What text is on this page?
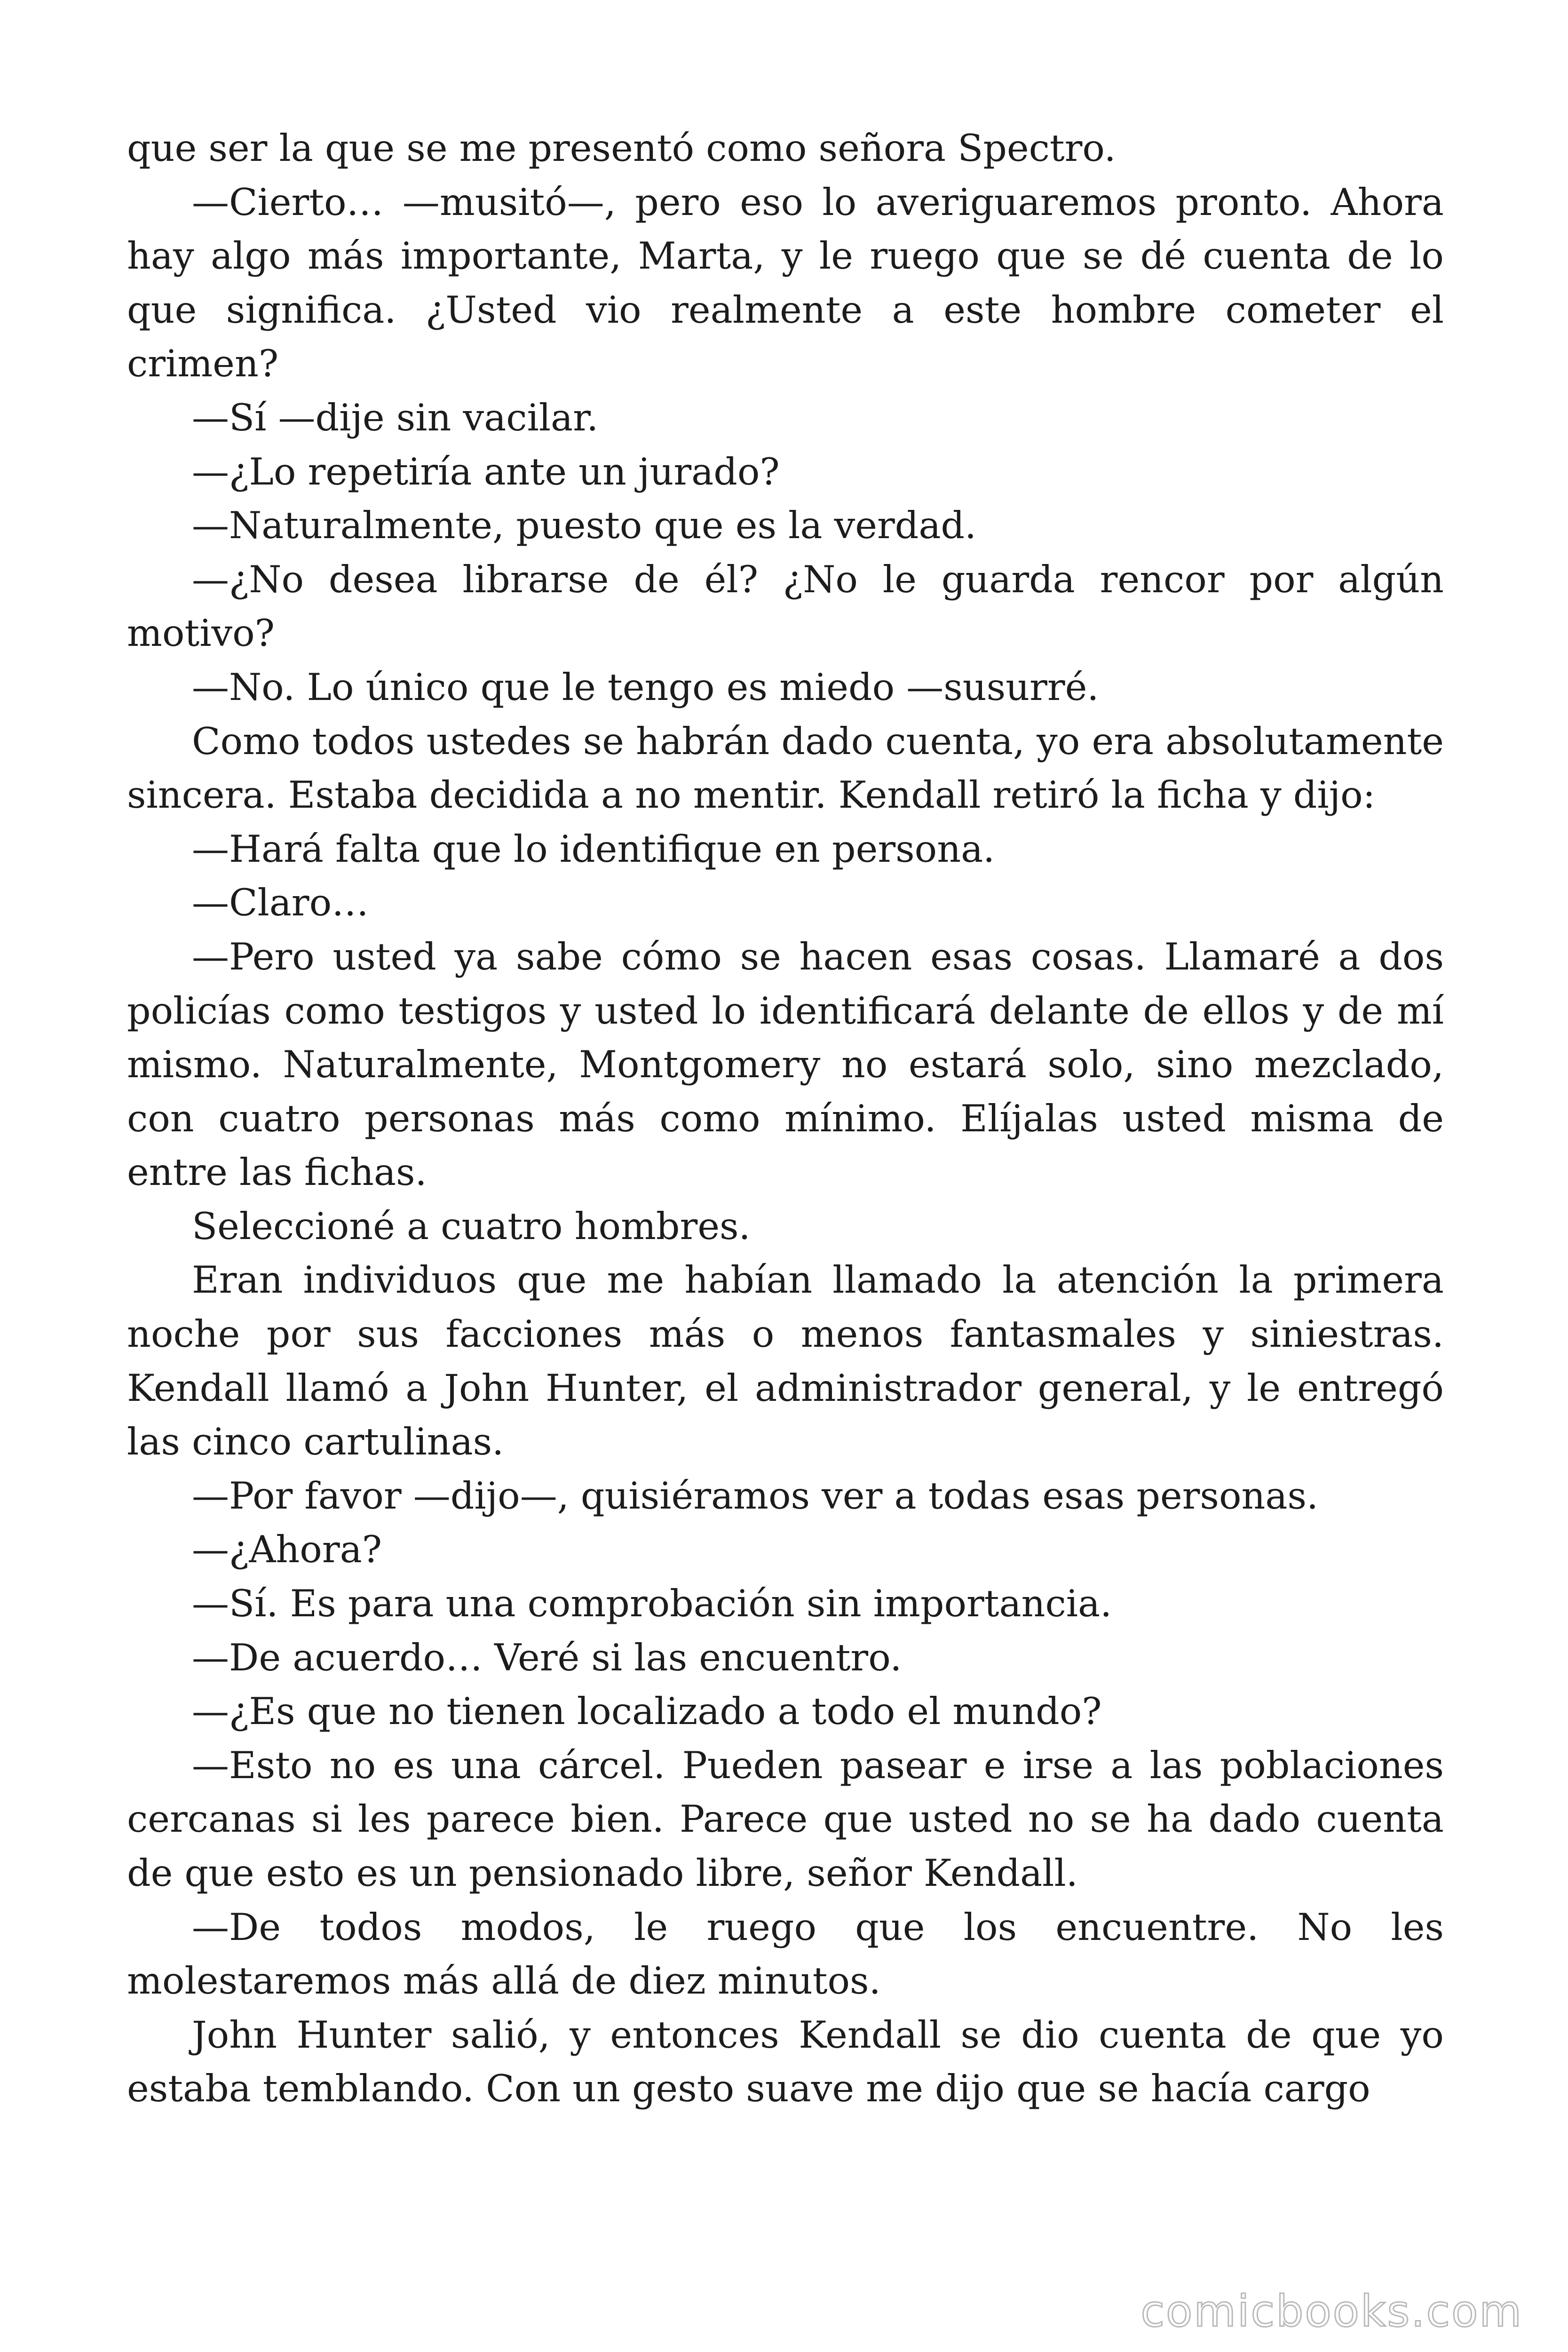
que ser la que se me presentó como señora Spectro.

—Cierto… —musitó—, pero eso lo averiguaremos pronto. Ahora hay algo más importante, Marta, y le ruego que se dé cuenta de lo que significa. ¿Usted vio realmente a este hombre cometer el crimen?

—Sí —dije sin vacilar.

—¿Lo repetiría ante un jurado?

—Naturalmente, puesto que es la verdad.

—¿No desea librarse de él? ¿No le guarda rencor por algún motivo?

—No. Lo único que le tengo es miedo —susurré.

Como todos ustedes se habrán dado cuenta, yo era absolutamente sincera. Estaba decidida a no mentir. Kendall retiró la ficha y dijo:

—Hará falta que lo identifique en persona.

—Claro…

—Pero usted ya sabe cómo se hacen esas cosas. Llamaré a dos policías como testigos y usted lo identificará delante de ellos y de mí mismo. Naturalmente, Montgomery no estará solo, sino mezclado, con cuatro personas más como mínimo. Elíjalas usted misma de entre las fichas.

Seleccioné a cuatro hombres.

Eran individuos que me habían llamado la atención la primera noche por sus facciones más o menos fantasmales y siniestras. Kendall llamó a John Hunter, el administrador general, y le entregó las cinco cartulinas.

—Por favor —dijo—, quisiéramos ver a todas esas personas.

—¿Ahora?

—Sí. Es para una comprobación sin importancia.

—De acuerdo… Veré si las encuentro.

—¿Es que no tienen localizado a todo el mundo?

—Esto no es una cárcel. Pueden pasear e irse a las poblaciones cercanas si les parece bien. Parece que usted no se ha dado cuenta de que esto es un pensionado libre, señor Kendall.

—De todos modos, le ruego que los encuentre. No les molestaremos más allá de diez minutos.

John Hunter salió, y entonces Kendall se dio cuenta de que yo estaba temblando. Con un gesto suave me dijo que se hacía cargo

comicbooks.com
